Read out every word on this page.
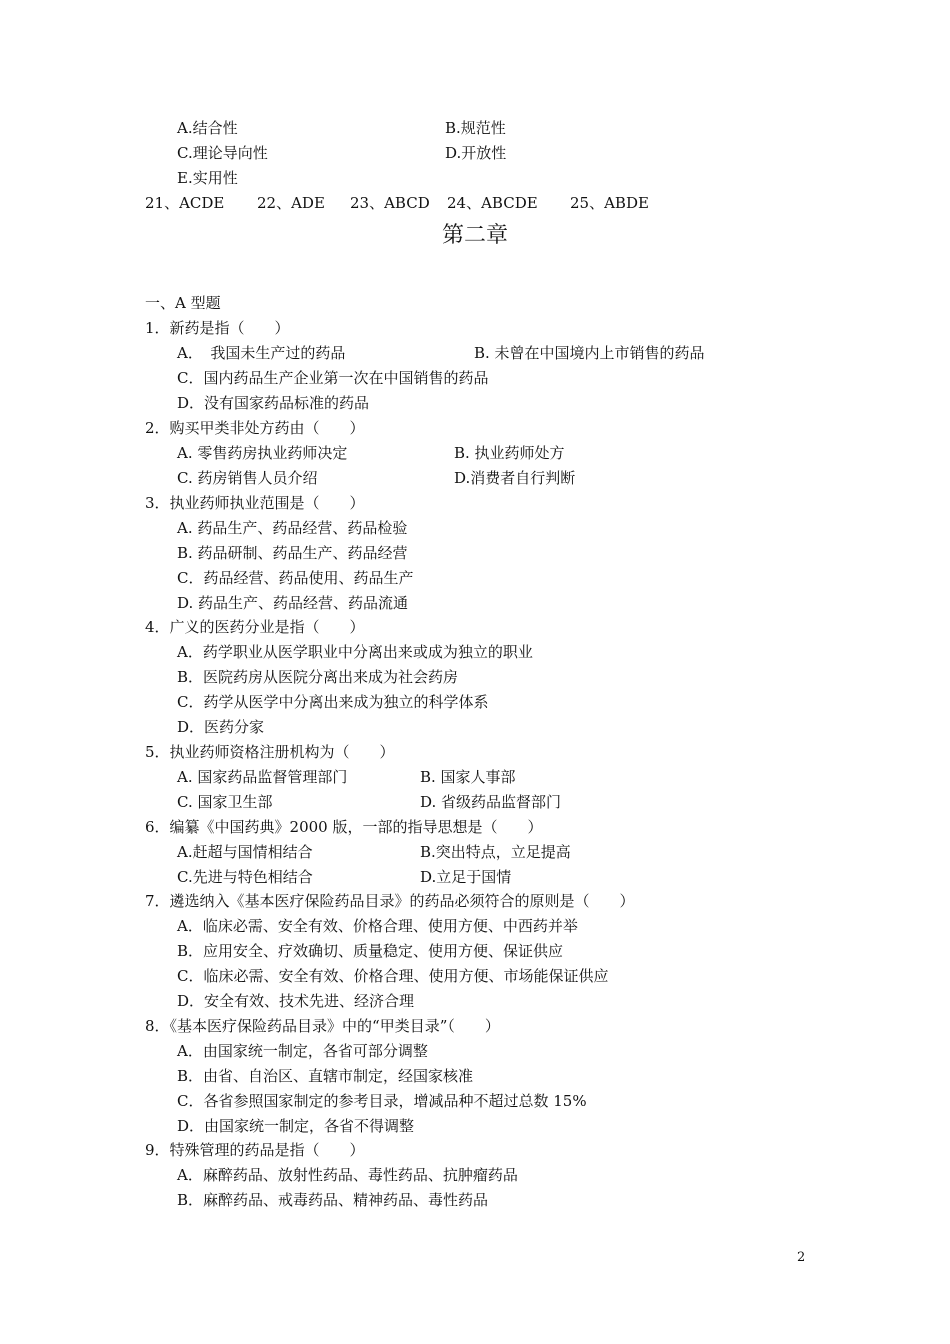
A.结合性	B.规范性
C.理论导向性	D.开放性
E.实用性
21、ACDE 22、ADE 23、ABCD 24、ABCDE 25、ABDE
第二章
一、A 型题
1．新药是指（　　）
A．　我国未生产过的药品	B. 未曾在中国境内上市销售的药品
C．国内药品生产企业第一次在中国销售的药品
D．没有国家药品标准的药品
2．购买甲类非处方药由（　　）
A. 零售药房执业药师决定	B. 执业药师处方
C. 药房销售人员介绍	D.消费者自行判断
3．执业药师执业范围是（　　）
A. 药品生产、药品经营、药品检验
B. 药品研制、药品生产、药品经营
C．药品经营、药品使用、药品生产
D. 药品生产、药品经营、药品流通
4．广义的医药分业是指（　　）
A．药学职业从医学职业中分离出来或成为独立的职业
B．医院药房从医院分离出来成为社会药房
C．药学从医学中分离出来成为独立的科学体系
D．医药分家
5．执业药师资格注册机构为（　　）
A. 国家药品监督管理部门	B. 国家人事部
C. 国家卫生部	D. 省级药品监督部门
6．编纂《中国药典》2000 版，一部的指导思想是（　　）
A.赶超与国情相结合	B.突出特点，立足提高
C.先进与特色相结合	D.立足于国情
7．遴选纳入《基本医疗保险药品目录》的药品必须符合的原则是（　　）
A．临床必需、安全有效、价格合理、使用方便、中西药并举
B．应用安全、疗效确切、质量稳定、使用方便、保证供应
C．临床必需、安全有效、价格合理、使用方便、市场能保证供应
D．安全有效、技术先进、经济合理
8．《基本医疗保险药品目录》中的“甲类目录”（　　）
A．由国家统一制定，各省可部分调整
B．由省、自治区、直辖市制定，经国家核准
C．各省参照国家制定的参考目录，增减品种不超过总数 15%
D．由国家统一制定，各省不得调整
9．特殊管理的药品是指（　　）
A．麻醉药品、放射性药品、毒性药品、抗肿瘤药品
B．麻醉药品、戒毒药品、精神药品、毒性药品
2
